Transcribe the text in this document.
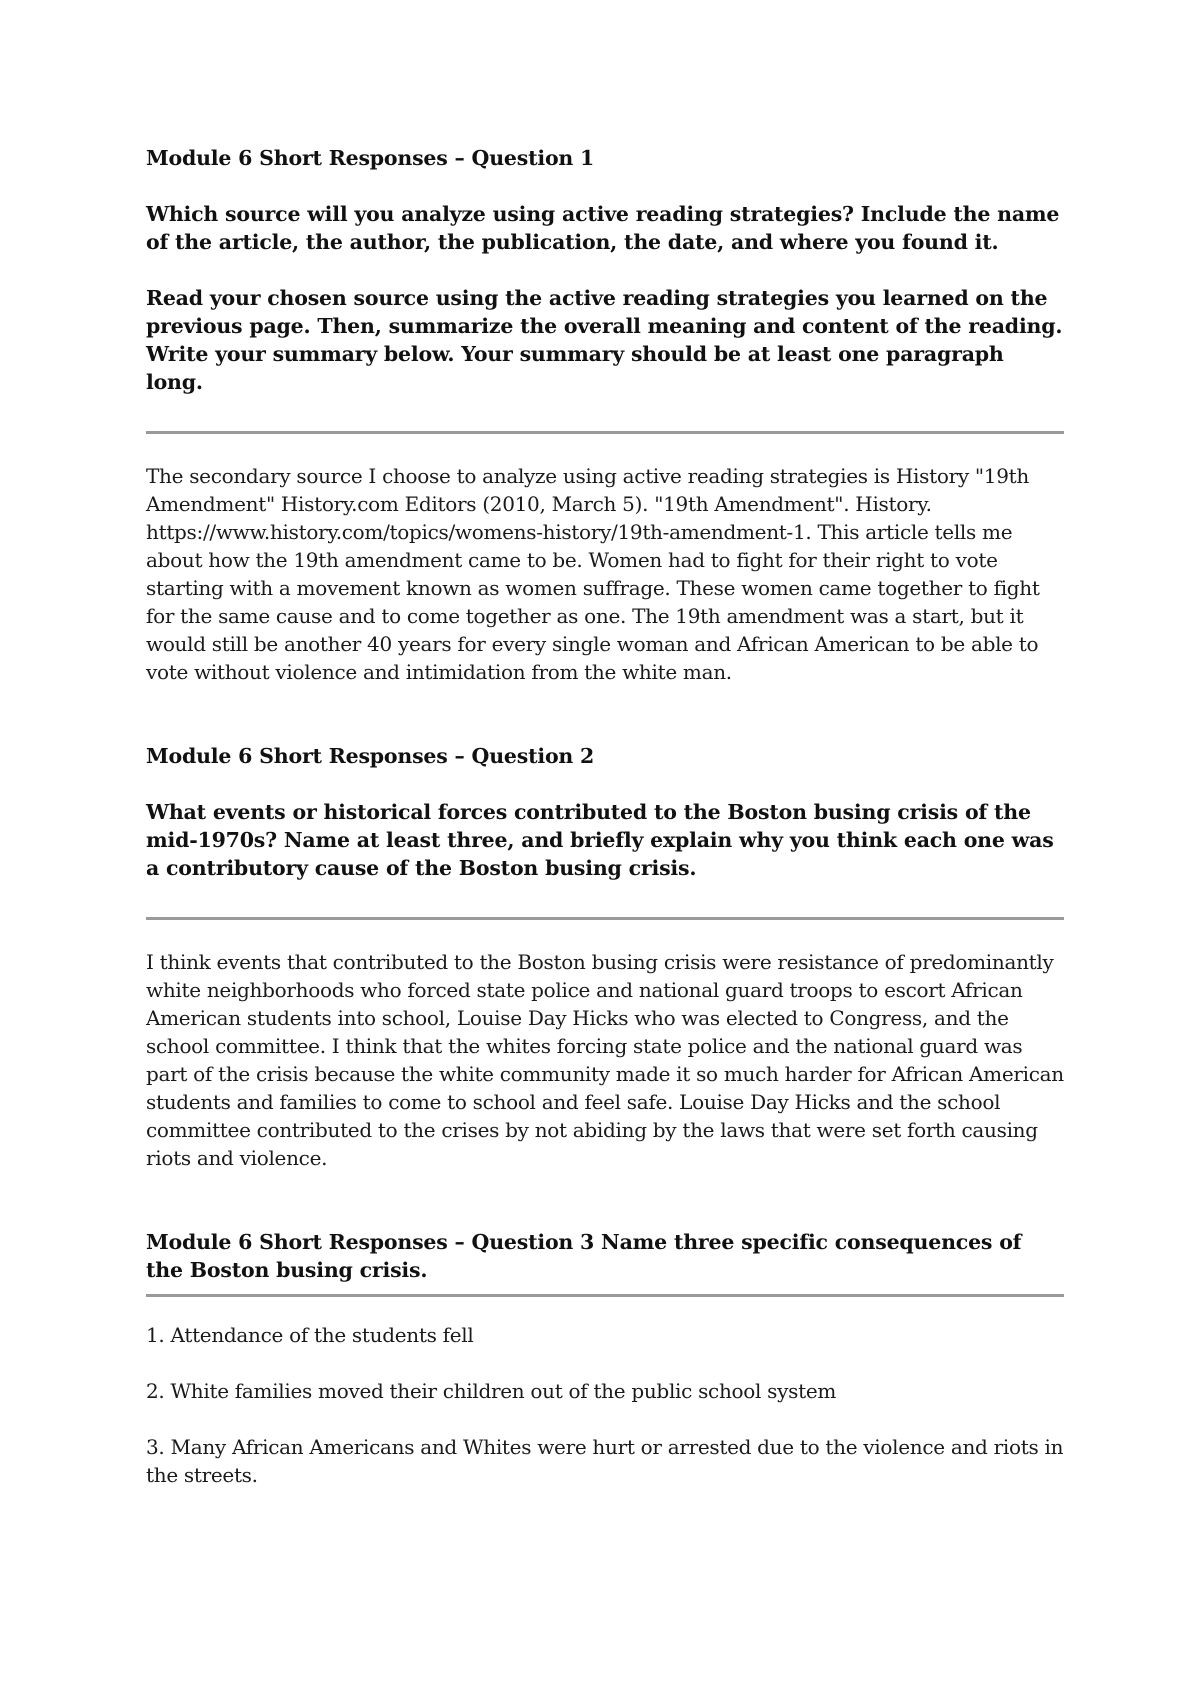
Module 6 Short Responses – Question 1

Which source will you analyze using active reading strategies? Include the name of the article, the author, the publication, the date, and where you found it.

Read your chosen source using the active reading strategies you learned on the previous page. Then, summarize the overall meaning and content of the reading. Write your summary below. Your summary should be at least one paragraph long.

The secondary source I choose to analyze using active reading strategies is History "19th Amendment" History.com Editors (2010, March 5). "19th Amendment". History. https://www.history.com/topics/womens-history/19th-amendment-1. This article tells me about how the 19th amendment came to be. Women had to fight for their right to vote starting with a movement known as women suffrage. These women came together to fight for the same cause and to come together as one. The 19th amendment was a start, but it would still be another 40 years for every single woman and African American to be able to vote without violence and intimidation from the white man.

Module 6 Short Responses – Question 2

What events or historical forces contributed to the Boston busing crisis of the mid-1970s? Name at least three, and briefly explain why you think each one was a contributory cause of the Boston busing crisis.

I think events that contributed to the Boston busing crisis were resistance of predominantly white neighborhoods who forced state police and national guard troops to escort African American students into school, Louise Day Hicks who was elected to Congress, and the school committee. I think that the whites forcing state police and the national guard was part of the crisis because the white community made it so much harder for African American students and families to come to school and feel safe. Louise Day Hicks and the school committee contributed to the crises by not abiding by the laws that were set forth causing riots and violence.

Module 6 Short Responses – Question 3 Name three specific consequences of the Boston busing crisis.

1. Attendance of the students fell

2. White families moved their children out of the public school system

3. Many African Americans and Whites were hurt or arrested due to the violence and riots in the streets.
